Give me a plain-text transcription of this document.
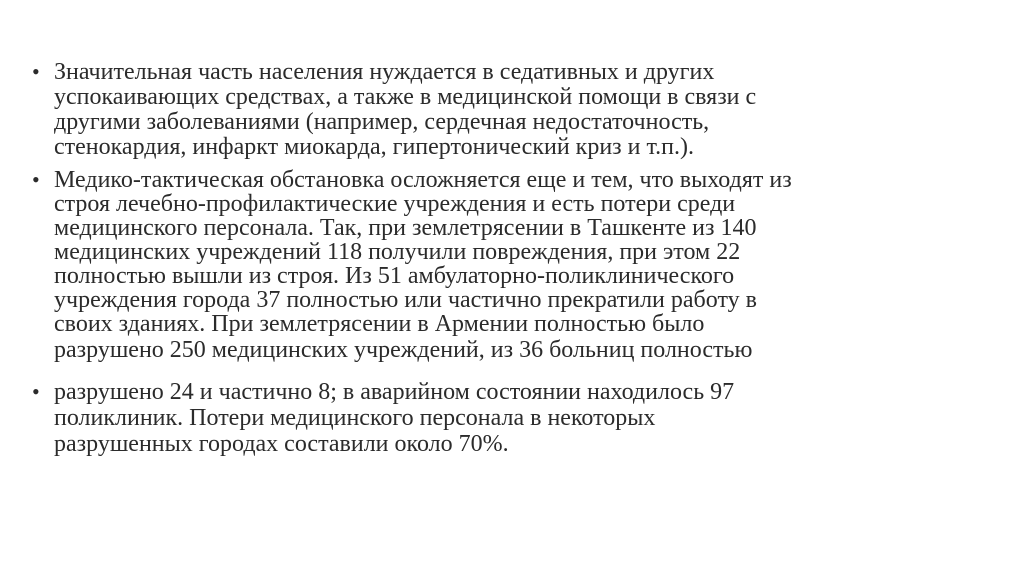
• Значительная часть населения нуждается в седативных и других
успокаивающих средствах, а также в медицинской помощи в связи с
другими заболеваниями (например, сердечная недостаточность,
стенокардия, инфаркт миокарда, гипертонический криз и т.п.).
• Медико-тактическая обстановка осложняется еще и тем, что выходят из
строя лечебно-профилактические учреждения и есть потери среди
медицинского персонала. Так, при землетрясении в Ташкенте из 140
медицинских учреждений 118 получили повреждения, при этом 22
полностью вышли из строя. Из 51 амбулаторно-поликлинического
учреждения города 37 полностью или частично прекратили работу в
своих зданиях. При землетрясении в Армении полностью было
разрушено 250 медицинских учреждений, из 36 больниц полностью
• разрушено 24 и частично 8; в аварийном состоянии находилось 97
поликлиник. Потери медицинского персонала в некоторых
разрушенных городах составили около 70%.
